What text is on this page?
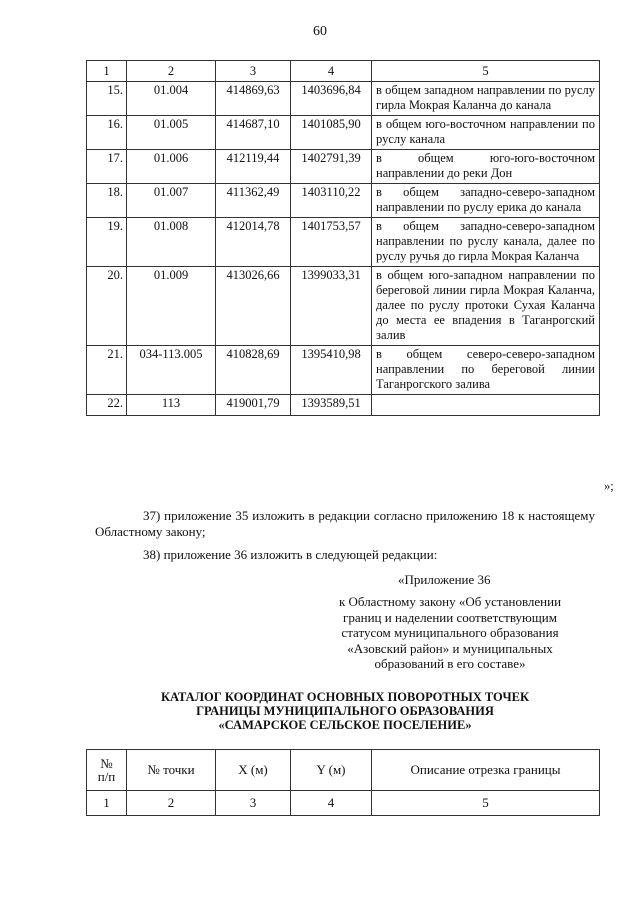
60
1	2	3	4	5
15.	01.004	414869,63	1403696,84	в общем западном направлении по руслу гирла Мокрая Каланча до канала
16.	01.005	414687,10	1401085,90	в общем юго-восточном направлении по руслу канала
17.	01.006	412119,44	1402791,39	в общем юго-юго-восточном направлении до реки Дон
18.	01.007	411362,49	1403110,22	в общем западно-северо-западном направлении по руслу ерика до канала
19.	01.008	412014,78	1401753,57	в общем западно-северо-западном направлении по руслу канала, далее по руслу ручья до гирла Мокрая Каланча
20.	01.009	413026,66	1399033,31	в общем юго-западном направлении по береговой линии гирла Мокрая Каланча, далее по руслу протоки Сухая Каланча до места ее впадения в Таганрогский залив
21.	034-113.005	410828,69	1395410,98	в общем северо-северо-западном направлении по береговой линии Таганрогского залива
22.	113	419001,79	1393589,51	
»;
37) приложение 35 изложить в редакции согласно приложению 18 к настоящему Областному закону;
38) приложение 36 изложить в следующей редакции:
«Приложение 36
к Областному закону «Об установлении
границ и наделении соответствующим
статусом муниципального образования
«Азовский район» и муниципальных
образований в его составе»
КАТАЛОГ КООРДИНАТ ОСНОВНЫХ ПОВОРОТНЫХ ТОЧЕК
ГРАНИЦЫ МУНИЦИПАЛЬНОГО ОБРАЗОВАНИЯ
«САМАРСКОЕ СЕЛЬСКОЕ ПОСЕЛЕНИЕ»
№
п/п	№ точки	X (м)	Y (м)	Описание отрезка границы
1	2	3	4	5
